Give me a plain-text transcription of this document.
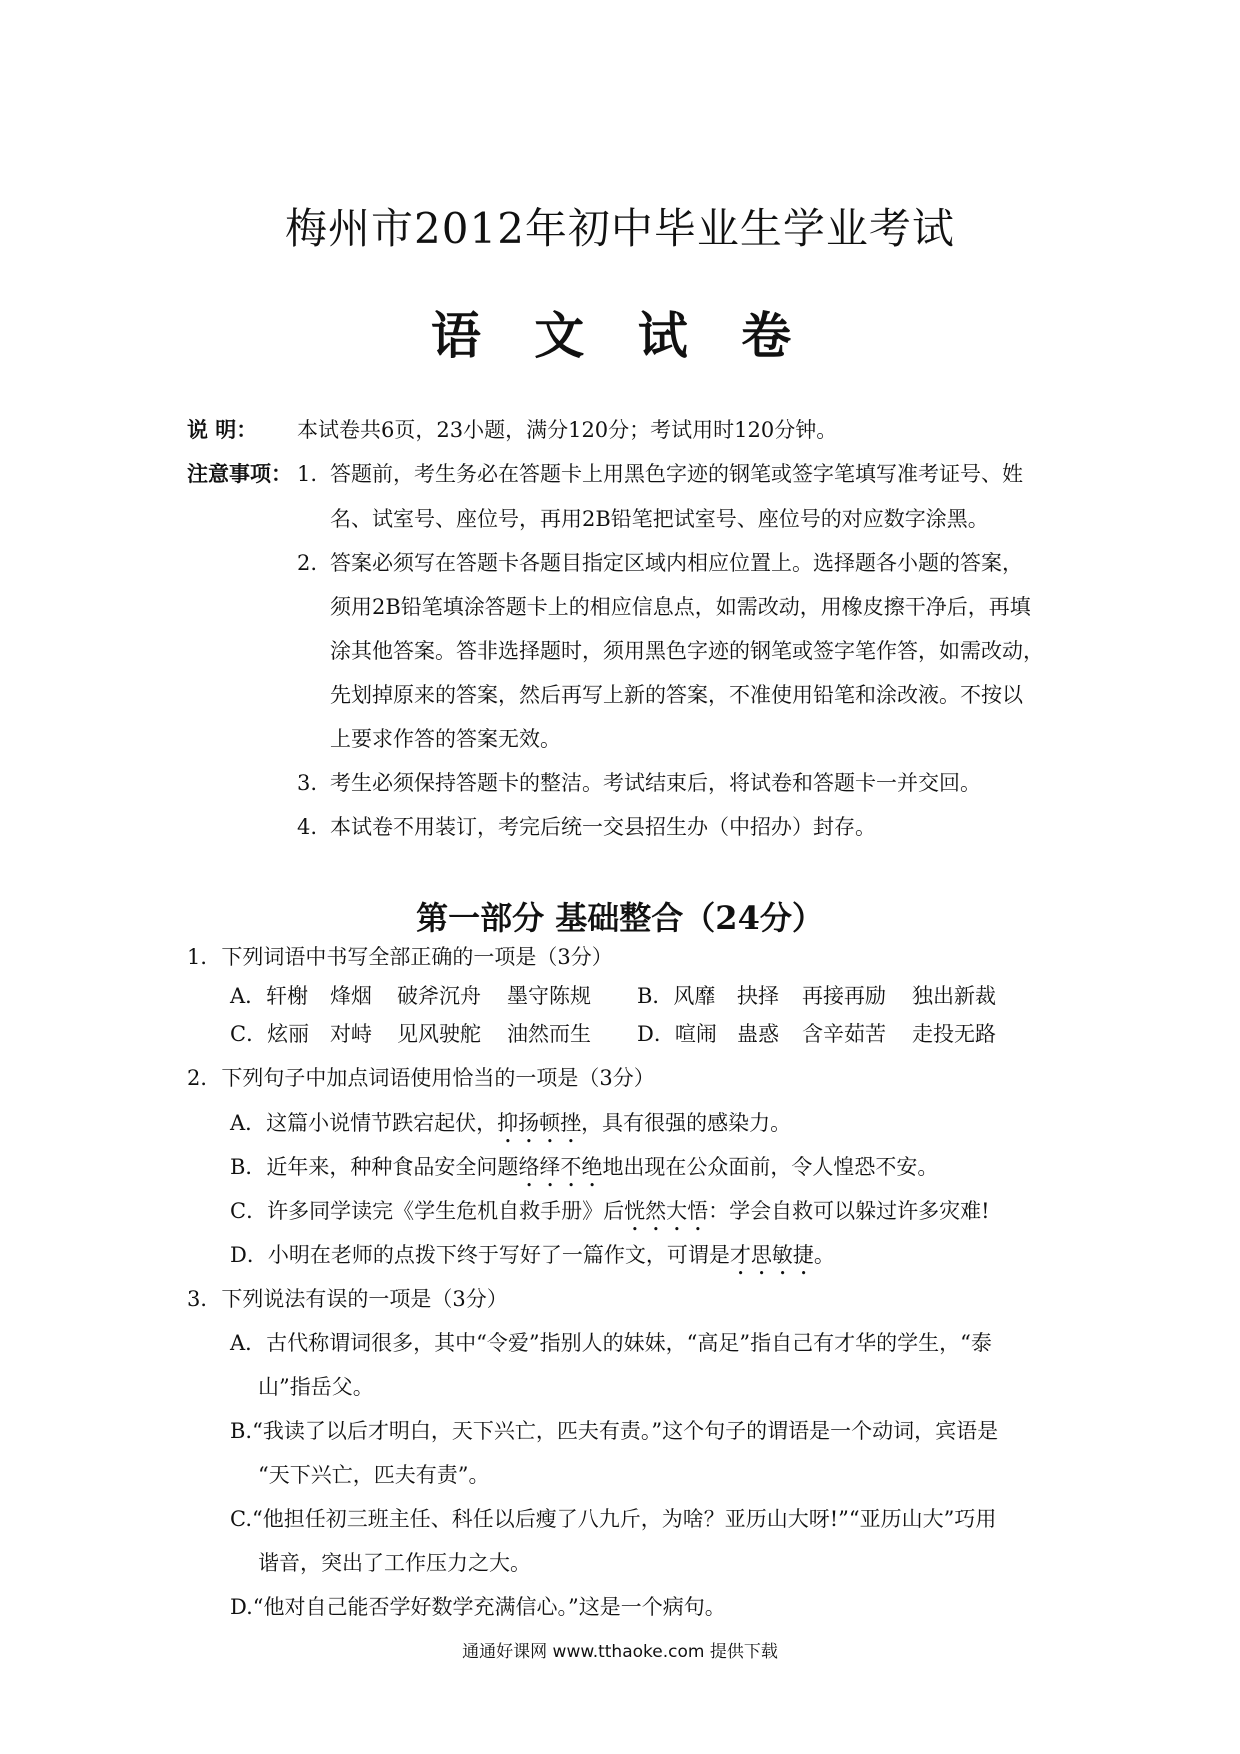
梅州市2012年初中毕业生学业考试
语 文 试 卷
说 明： 本试卷共6页，23小题，满分120分；考试用时120分钟。
注意事项： 1. 答题前，考生务必在答题卡上用黑色字迹的钢笔或签字笔填写准考证号、姓
名、试室号、座位号，再用2B铅笔把试室号、座位号的对应数字涂黑。
2. 答案必须写在答题卡各题目指定区域内相应位置上。选择题各小题的答案，
须用2B铅笔填涂答题卡上的相应信息点，如需改动，用橡皮擦干净后，再填
涂其他答案。答非选择题时，须用黑色字迹的钢笔或签字笔作答，如需改动，
先划掉原来的答案，然后再写上新的答案，不准使用铅笔和涂改液。不按以
上要求作答的答案无效。
3. 考生必须保持答题卡的整洁。考试结束后，将试卷和答题卡一并交回。
4. 本试卷不用装订，考完后统一交县招生办（中招办）封存。
第一部分 基础整合（24分）
1．下列词语中书写全部正确的一项是（3分）
A．轩榭 烽烟 破斧沉舟 墨守陈规 B．风靡 抉择 再接再励 独出新裁
C．炫丽 对峙 见风驶舵 油然而生 D．喧闹 蛊惑 含辛茹苦 走投无路
2．下列句子中加点词语使用恰当的一项是（3分）
A．这篇小说情节跌宕起伏，抑扬顿挫，具有很强的感染力。
B．近年来，种种食品安全问题络绎不绝地出现在公众面前，令人惶恐不安。
C．许多同学读完《学生危机自救手册》后恍然大悟：学会自救可以躲过许多灾难!
D．小明在老师的点拨下终于写好了一篇作文，可谓是才思敏捷。
3．下列说法有误的一项是（3分）
A．古代称谓词很多，其中“令爱”指别人的妹妹，“高足”指自己有才华的学生，“泰
山”指岳父。
B.“我读了以后才明白，天下兴亡，匹夫有责。”这个句子的谓语是一个动词，宾语是
“天下兴亡，匹夫有责”。
C.“他担任初三班主任、科任以后瘦了八九斤，为啥？亚历山大呀!”“亚历山大”巧用
谐音，突出了工作压力之大。
D.“他对自己能否学好数学充满信心。”这是一个病句。
通通好课网 www.tthaoke.com 提供下载
